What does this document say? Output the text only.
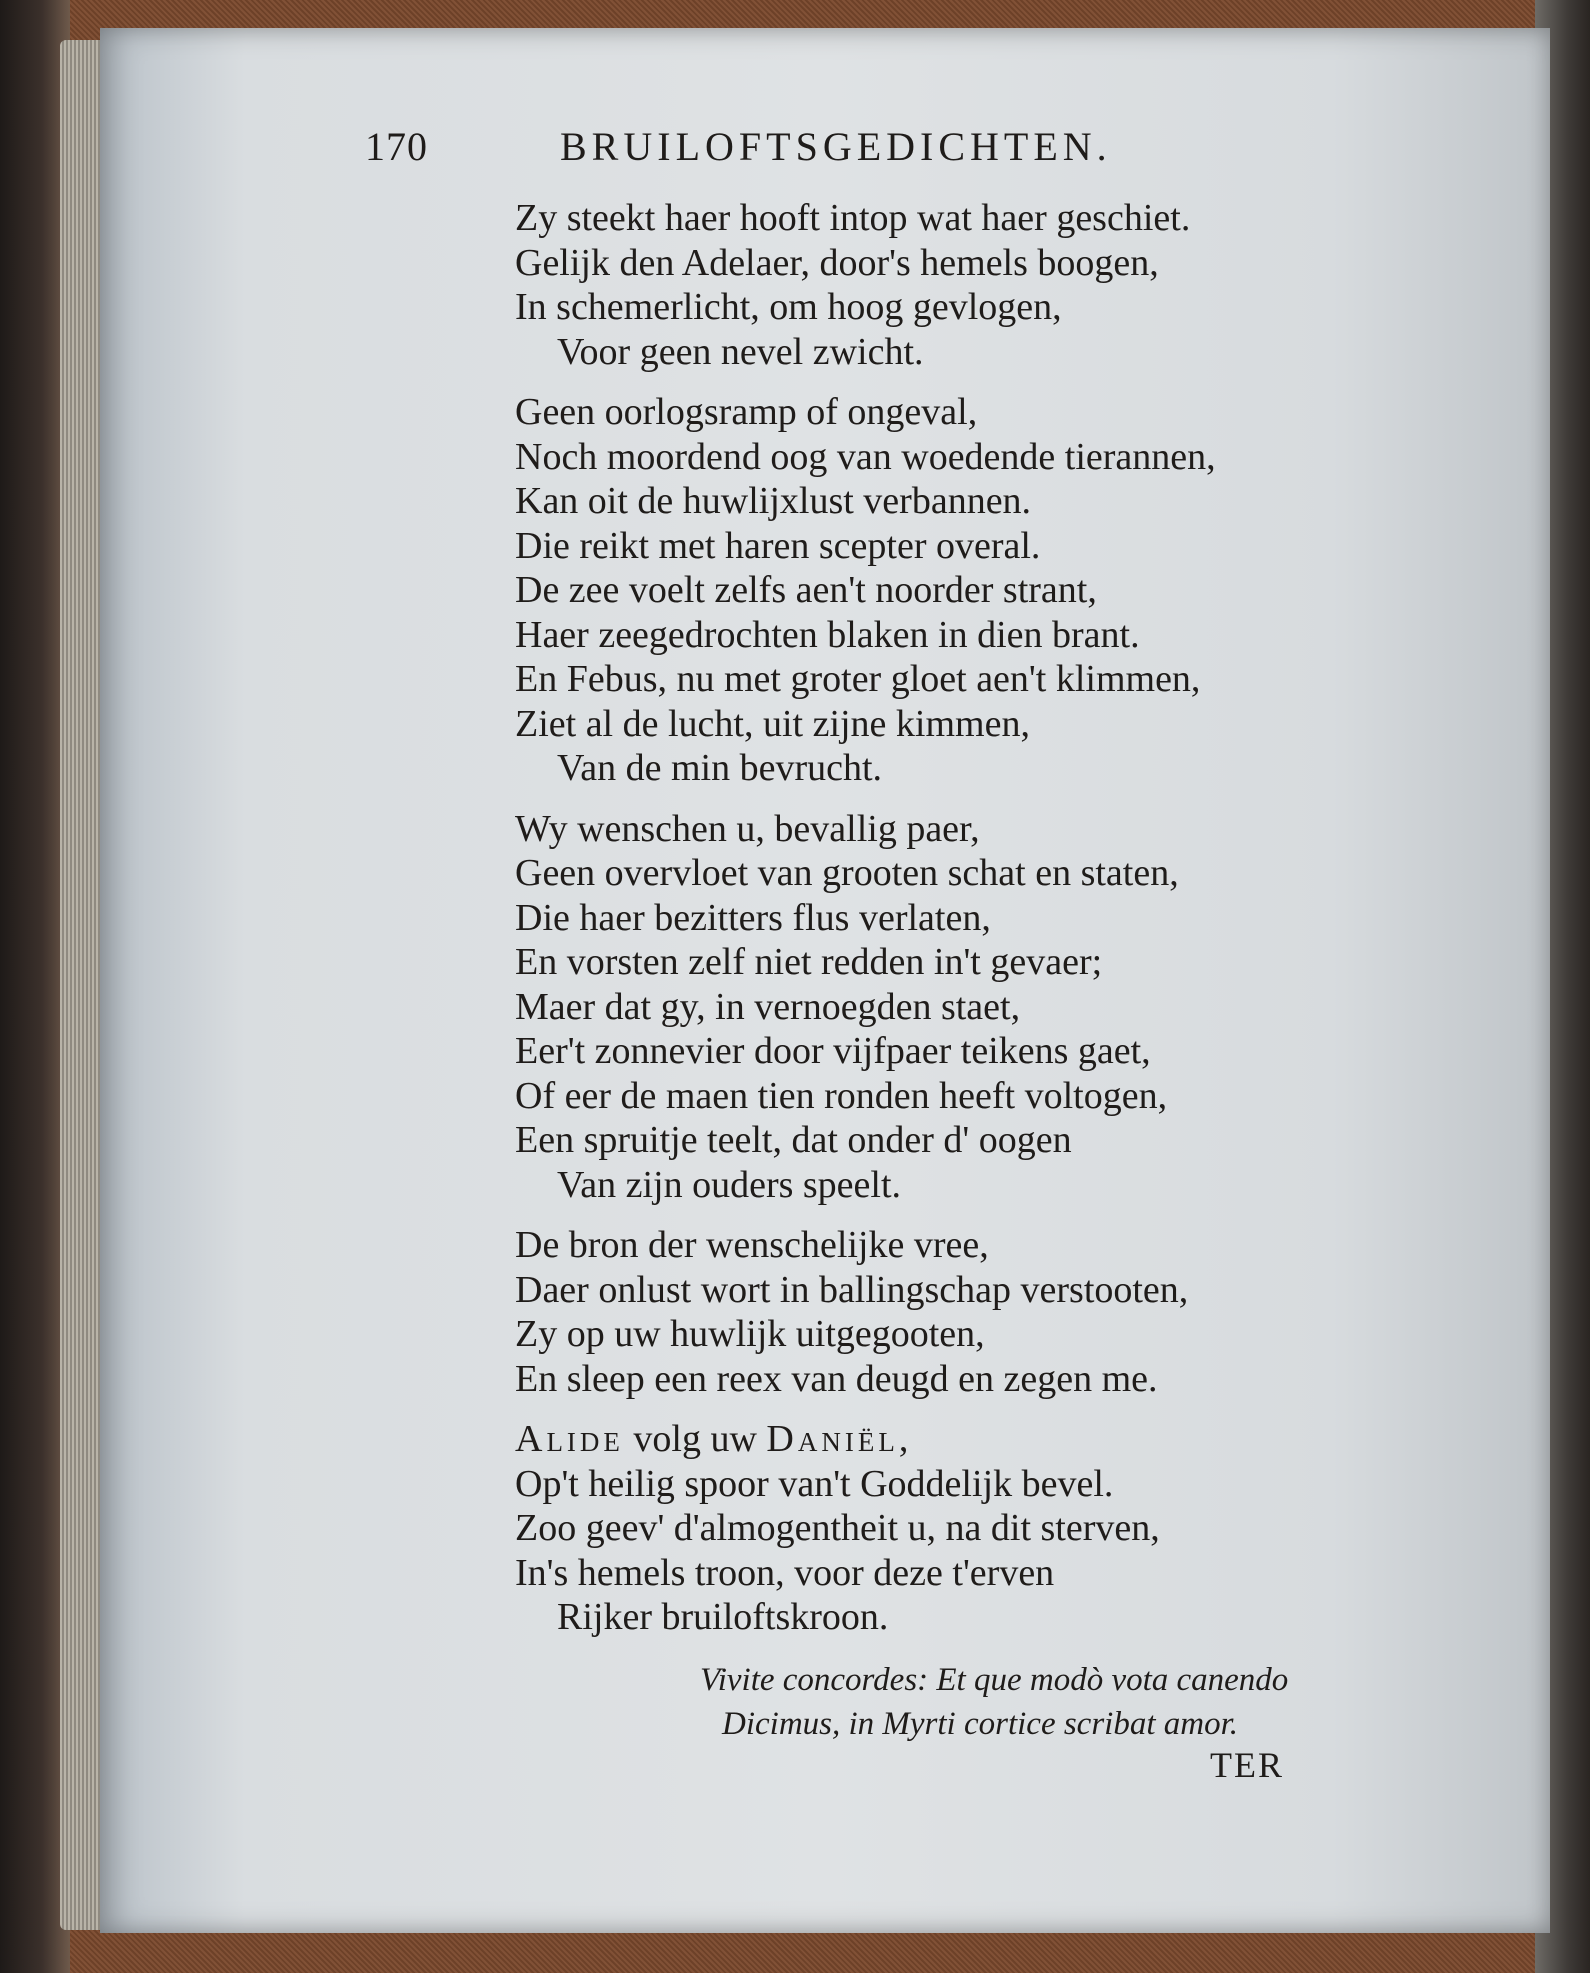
170	BRUILOFTSGEDICHTEN.
Zy steekt haer hooft intop wat haer geschiet.
Gelijk den Adelaer, door's hemels boogen,
In schemerlicht, om hoog gevlogen,
Voor geen nevel zwicht.
Geen oorlogsramp of ongeval,
Noch moordend oog van woedende tierannen,
Kan oit de huwlijxlust verbannen.
Die reikt met haren scepter overal.
De zee voelt zelfs aen't noorder strant,
Haer zeegedrochten blaken in dien brant.
En Febus, nu met groter gloet aen't klimmen,
Ziet al de lucht, uit zijne kimmen,
Van de min bevrucht.
Wy wenschen u, bevallig paer,
Geen overvloet van grooten schat en staten,
Die haer bezitters flus verlaten,
En vorsten zelf niet redden in't gevaer;
Maer dat gy, in vernoegden staet,
Eer't zonnevier door vijfpaer teikens gaet,
Of eer de maen tien ronden heeft voltogen,
Een spruitje teelt, dat onder d' oogen
Van zijn ouders speelt.
De bron der wenschelijke vree,
Daer onlust wort in ballingschap verstooten,
Zy op uw huwlijk uitgegooten,
En sleep een reex van deugd en zegen me.
Alide volg uw Daniël,
Op't heilig spoor van't Goddelijk bevel.
Zoo geev' d'almogentheit u, na dit sterven,
In's hemels troon, voor deze t'erven
Rijker bruiloftskroon.
Vivite concordes: Et que modò vota canendo
Dicimus, in Myrti cortice scribat amor.
TER
